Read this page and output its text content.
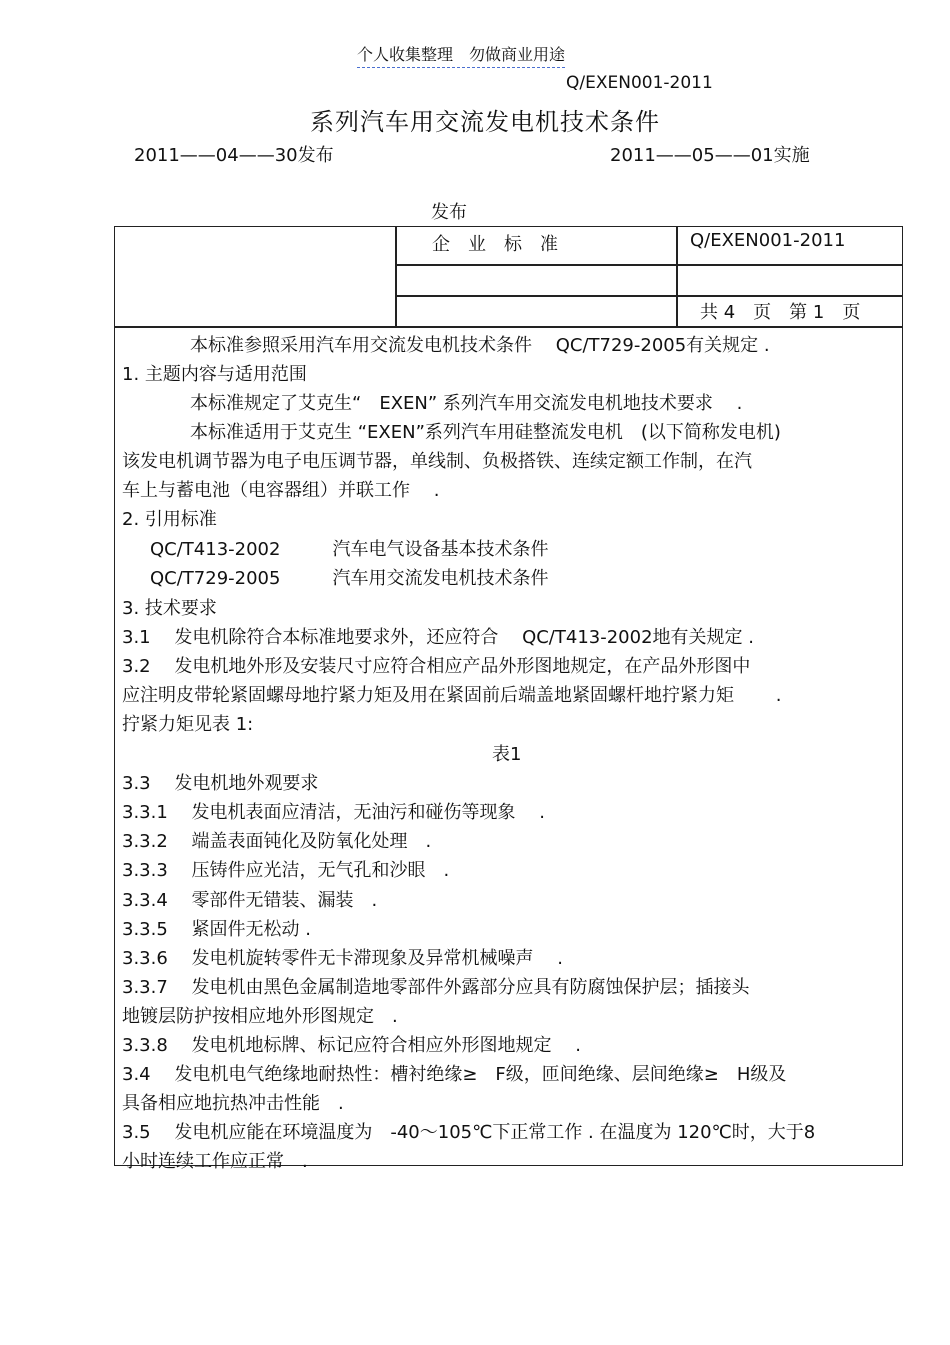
个人收集整理　勿做商业用途
Q/EXEN001-2011
系列汽车用交流发电机技术条件
2011——04——30发布	2011——05——01实施
发布
企　业　标　准	Q/EXEN001-2011
共 4　页　第 1　页
本标准参照采用汽车用交流发电机技术条件　 QC/T729-2005有关规定 .
1. 主题内容与适用范围
本标准规定了艾克生“　EXEN” 系列汽车用交流发电机地技术要求　 .
本标准适用于艾克生 “EXEN”系列汽车用硅整流发电机　(以下简称发电机)
该发电机调节器为电子电压调节器，单线制、负极搭铁、连续定额工作制，在汽
车上与蓄电池（电容器组）并联工作　 .
2. 引用标准
QC/T413-2002	汽车电气设备基本技术条件
QC/T729-2005	汽车用交流发电机技术条件
3. 技术要求
3.1　 发电机除符合本标准地要求外，还应符合　 QC/T413-2002地有关规定 .
3.2　 发电机地外形及安装尺寸应符合相应产品外形图地规定，在产品外形图中
应注明皮带轮紧固螺母地拧紧力矩及用在紧固前后端盖地紧固螺杆地拧紧力矩　　 .
拧紧力矩见表 1:
表1
3.3　 发电机地外观要求
3.3.1　 发电机表面应清洁，无油污和碰伤等现象　 .
3.3.2　 端盖表面钝化及防氧化处理　.
3.3.3　 压铸件应光洁，无气孔和沙眼　.
3.3.4　 零部件无错装、漏装　.
3.3.5　 紧固件无松动 .
3.3.6　 发电机旋转零件无卡滞现象及异常机械噪声　 .
3.3.7　 发电机由黑色金属制造地零部件外露部分应具有防腐蚀保护层；插接头
地镀层防护按相应地外形图规定　.
3.3.8　 发电机地标牌、标记应符合相应外形图地规定　 .
3.4　 发电机电气绝缘地耐热性：槽衬绝缘≥　F级，匝间绝缘、层间绝缘≥　H级及
具备相应地抗热冲击性能　.
3.5　 发电机应能在环境温度为　-40～105℃下正常工作 . 在温度为 120℃时，大于8
小时连续工作应正常　.
